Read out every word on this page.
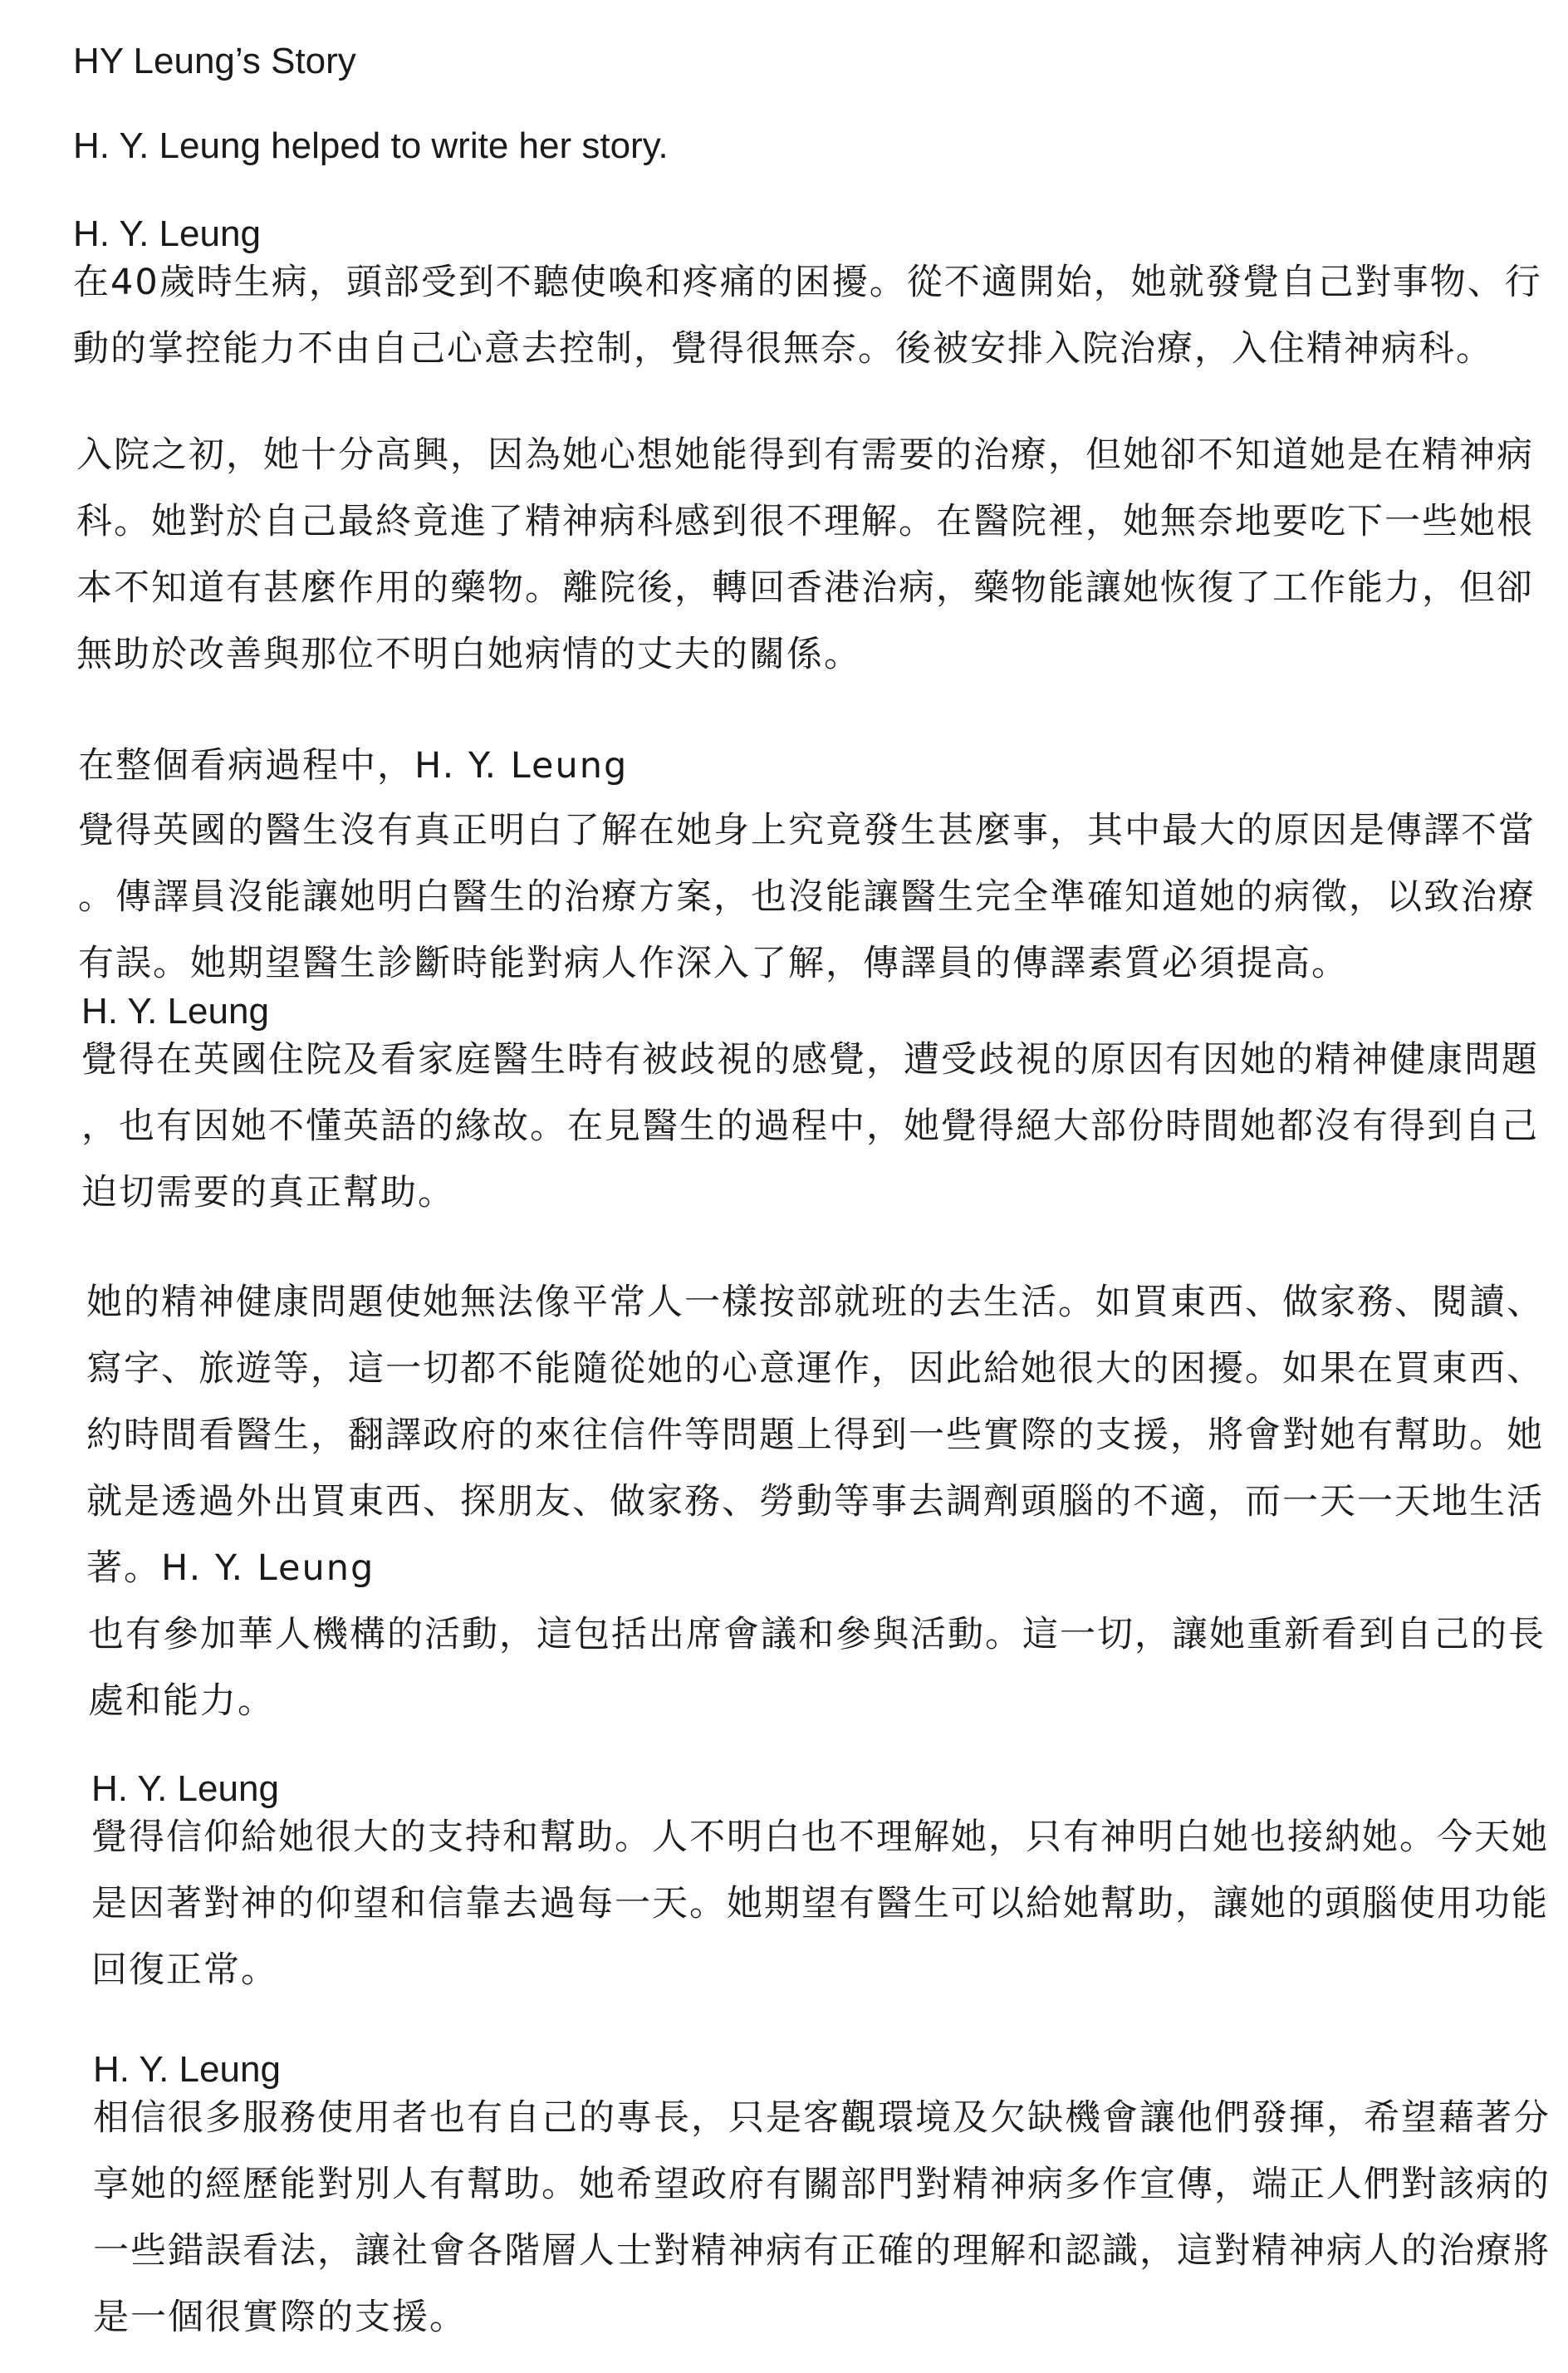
HY Leung’s Story

H. Y. Leung helped to write her story.

H. Y. Leung

在40歲時生病，頭部受到不聽使喚和疼痛的困擾。從不適開始，她就發覺自己對事物、行
動的掌控能力不由自己心意去控制，覺得很無奈。後被安排入院治療，入住精神病科。
入院之初，她十分高興，因為她心想她能得到有需要的治療，但她卻不知道她是在精神病
科。她對於自己最終竟進了精神病科感到很不理解。在醫院裡，她無奈地要吃下一些她根
本不知道有甚麼作用的藥物。離院後，轉回香港治病，藥物能讓她恢復了工作能力，但卻
無助於改善與那位不明白她病情的丈夫的關係。
在整個看病過程中，H. Y. Leung
覺得英國的醫生沒有真正明白了解在她身上究竟發生甚麼事，其中最大的原因是傳譯不當
。傳譯員沒能讓她明白醫生的治療方案，也沒能讓醫生完全準確知道她的病徵，以致治療
有誤。她期望醫生診斷時能對病人作深入了解，傳譯員的傳譯素質必須提高。

H. Y. Leung

覺得在英國住院及看家庭醫生時有被歧視的感覺，遭受歧視的原因有因她的精神健康問題
，也有因她不懂英語的緣故。在見醫生的過程中，她覺得絕大部份時間她都沒有得到自己
迫切需要的真正幫助。
她的精神健康問題使她無法像平常人一樣按部就班的去生活。如買東西、做家務、閱讀、
寫字、旅遊等，這一切都不能隨從她的心意運作，因此給她很大的困擾。如果在買東西、
約時間看醫生，翻譯政府的來往信件等問題上得到一些實際的支援，將會對她有幫助。她
就是透過外出買東西、探朋友、做家務、勞動等事去調劑頭腦的不適，而一天一天地生活
著。H. Y. Leung
也有參加華人機構的活動，這包括出席會議和參與活動。這一切，讓她重新看到自己的長
處和能力。

H. Y. Leung

覺得信仰給她很大的支持和幫助。人不明白也不理解她，只有神明白她也接納她。今天她
是因著對神的仰望和信靠去過每一天。她期望有醫生可以給她幫助，讓她的頭腦使用功能
回復正常。

H. Y. Leung

相信很多服務使用者也有自己的專長，只是客觀環境及欠缺機會讓他們發揮，希望藉著分
享她的經歷能對別人有幫助。她希望政府有關部門對精神病多作宣傳，端正人們對該病的
一些錯誤看法，讓社會各階層人士對精神病有正確的理解和認識，這對精神病人的治療將
是一個很實際的支援。
